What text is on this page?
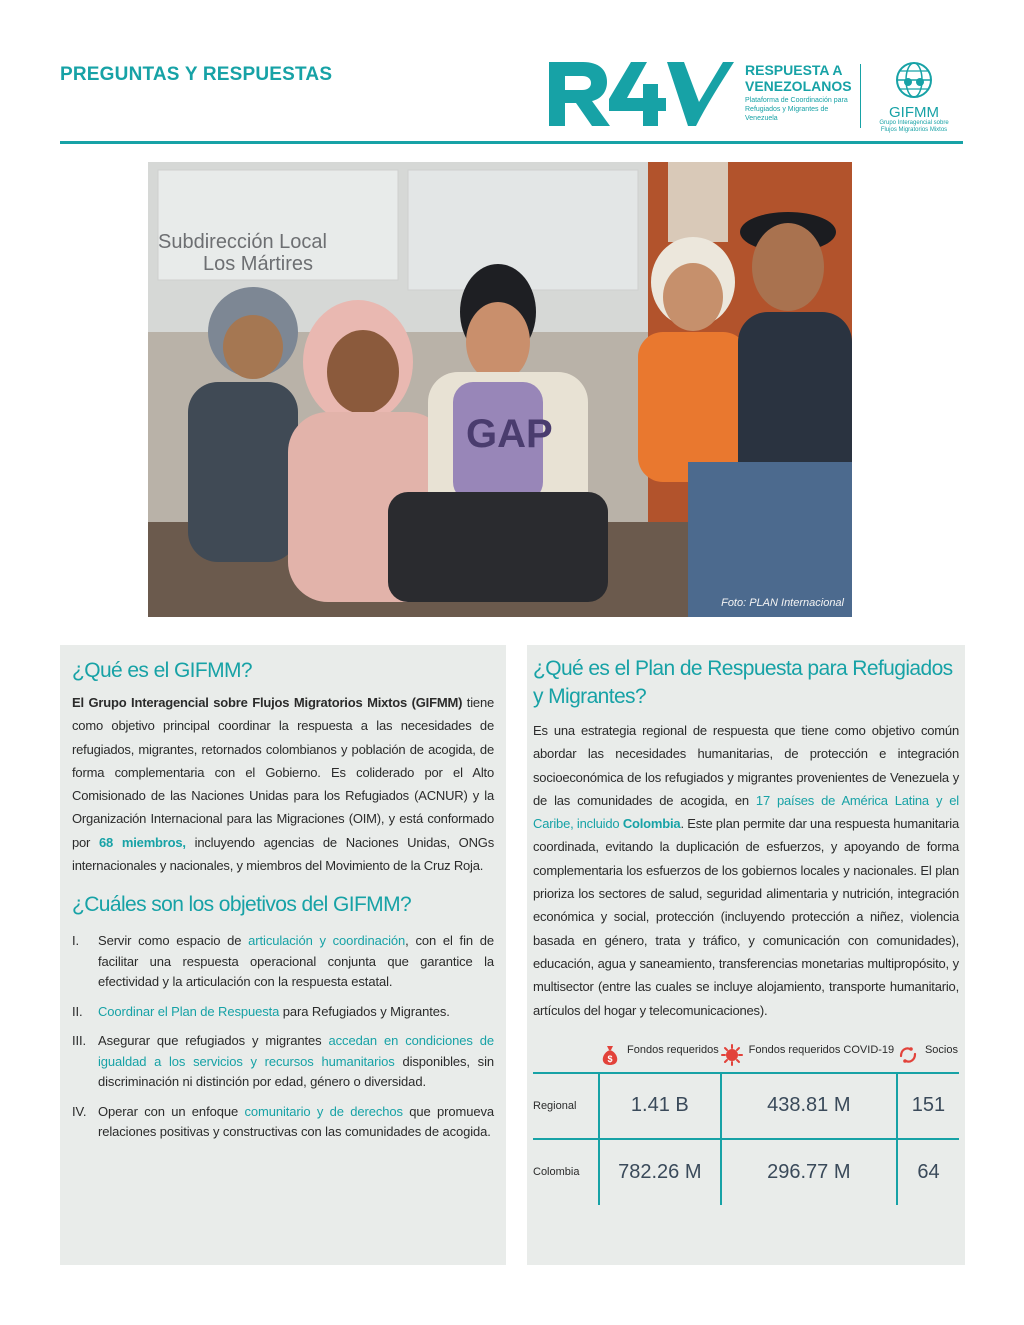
PREGUNTAS Y RESPUESTAS	RESPUESTA A
VENEZOLANOS
Plataforma de Coordinación para Refugiados y Migrantes de Venezuela	GIFMM
Grupo Interagencial sobre Flujos Migratorios Mixtos
Subdirección Local
Los Mártires
GAP
Foto: PLAN Internacional
¿Qué es el GIFMM?

El Grupo Interagencial sobre Flujos Migratorios Mixtos (GIFMM) tiene como objetivo principal coordinar la respuesta a las necesidades de refugiados, migrantes, retornados colombianos y población de acogida, de forma complementaria con el Gobierno. Es coliderado por el Alto Comisionado de las Naciones Unidas para los Refugiados (ACNUR) y la Organización Internacional para las Migraciones (OIM), y está conformado por 68 miembros, incluyendo agencias de Naciones Unidas, ONGs internacionales y nacionales, y miembros del Movimiento de la Cruz Roja.

¿Cuáles son los objetivos del GIFMM?
I. Servir como espacio de articulación y coordinación, con el fin de facilitar una respuesta operacional conjunta que garantice la efectividad y la articulación con la respuesta estatal.
II. Coordinar el Plan de Respuesta para Refugiados y Migrantes.
III. Asegurar que refugiados y migrantes accedan en condiciones de igualdad a los servicios y recursos humanitarios disponibles, sin discriminación ni distinción por edad, género o diversidad.
IV. Operar con un enfoque comunitario y de derechos que promueva relaciones positivas y constructivas con las comunidades de acogida.
¿Qué es el Plan de Respuesta para Refugiados y Migrantes?

Es una estrategia regional de respuesta que tiene como objetivo común abordar las necesidades humanitarias, de protección e integración socioeconómica de los refugiados y migrantes provenientes de Venezuela y de las comunidades de acogida, en 17 países de América Latina y el Caribe, incluido Colombia. Este plan permite dar una respuesta humanitaria coordinada, evitando la duplicación de esfuerzos, y apoyando de forma complementaria los esfuerzos de los gobiernos locales y nacionales. El plan prioriza los sectores de salud, seguridad alimentaria y nutrición, integración económica y social, protección (incluyendo protección a niñez, violencia basada en género, trata y tráfico, y comunicación con comunidades), educación, agua y saneamiento, transferencias monetarias multipropósito, y multisector (entre las cuales se incluye alojamiento, transporte humanitario, artículos del hogar y telecomunicaciones).

$
Fondos requeridos	Fondos requeridos COVID-19	Socios

Regional	1.41 B	438.81 M	151
Colombia	782.26 M	296.77 M	64
